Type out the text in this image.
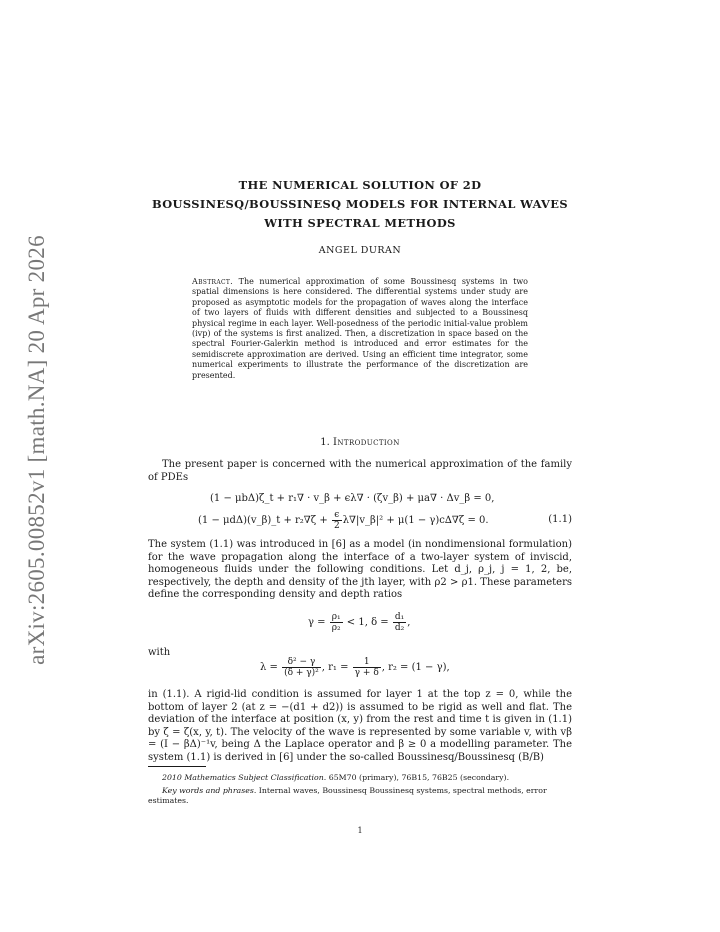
arXiv:2605.00852v1 [math.NA] 20 Apr 2026
THE NUMERICAL SOLUTION OF 2D
BOUSSINESQ/BOUSSINESQ MODELS FOR INTERNAL WAVES
WITH SPECTRAL METHODS
ANGEL DURAN
Abstract. The numerical approximation of some Boussinesq systems in two spatial dimensions is here considered. The differential systems under study are proposed as asymptotic models for the propagation of waves along the interface of two layers of fluids with different densities and subjected to a Boussinesq physical regime in each layer. Well-posedness of the periodic initial-value problem (ivp) of the systems is first analized. Then, a discretization in space based on the spectral Fourier-Galerkin method is introduced and error estimates for the semidiscrete approximation are derived. Using an efficient time integrator, some numerical experiments to illustrate the performance of the discretization are presented.
1. Introduction
The present paper is concerned with the numerical approximation of the family of PDEs
(1 − μbΔ)ζ_t + r₁∇ · v_β + ϵλ∇ · (ζv_β) + μa∇ · Δv_β = 0,
(1 − μdΔ)(v_β)_t + $r_2\nabla\zeta + \frac{\epsilon}{2}$ λ∇|v_β|² + μ(1 − γ)c∆∇ζ = 0.	(1.1)
The system (1.1) was introduced in [6] as a model (in nondimensional formulation) for the wave propagation along the interface of a two-layer system of inviscid, homogeneous fluids under the following conditions. Let d_j, ρ_j, j = 1, 2, be, respectively, the depth and density of the jth layer, with ρ2 > ρ1. These parameters define the corresponding density and depth ratios
$\gamma = \frac{\text{ρ₁}}{\text{ρ₂}} < 1$, $\delta = \frac{\text{d₁}}{\text{d₂}}$ ,
with
$\lambda = \frac{\text{δ² − γ}}{\text{(δ + γ)²}}$ , $r_1 = \frac{1}{\gamma + \delta}$ , r₂ = (1 − γ),
in (1.1). A rigid-lid condition is assumed for layer 1 at the top z = 0, while the bottom of layer 2 (at z = −(d1 + d2)) is assumed to be rigid as well and flat. The deviation of the interface at position (x, y) from the rest and time t is given in (1.1) by ζ = ζ(x, y, t). The velocity of the wave is represented by some variable v, with vβ = (I − βΔ)⁻¹v, being Δ the Laplace operator and β ≥ 0 a modelling parameter. The system (1.1) is derived in [6] under the so-called Boussinesq/Boussinesq (B/B)
2010 Mathematics Subject Classification. 65M70 (primary), 76B15, 76B25 (secondary).
Key words and phrases. Internal waves, Boussinesq Boussinesq systems, spectral methods, error estimates.
1
